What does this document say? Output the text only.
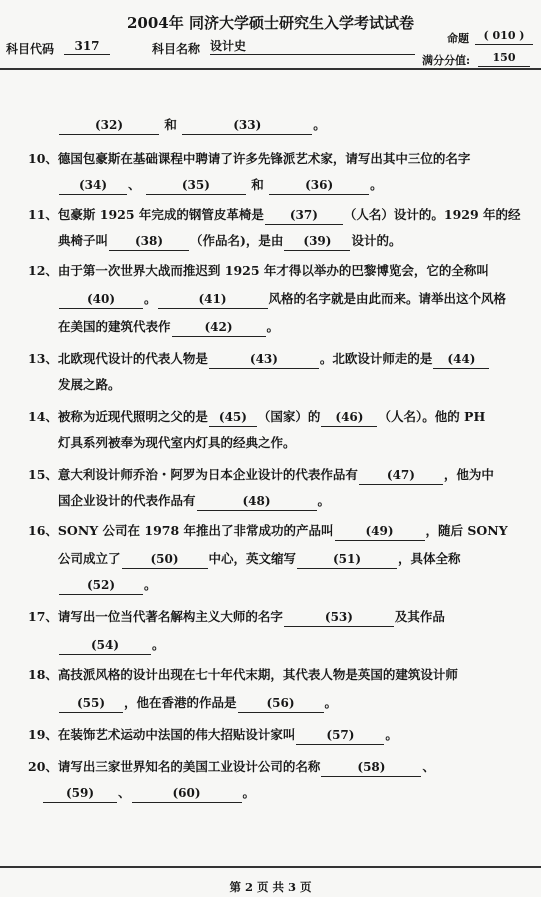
2004年 同济大学硕士研究生入学考试试卷
科目代码	317	科目名称 设计史
命题	( 010 )
满分分值:	150
(32)	和	(33)	。
10、德国包豪斯在基础课程中聘请了许多先锋派艺术家，请写出其中三位的名字
(34) 、	(35)	和	(36)	。
11、包豪斯 1925 年完成的钢管皮革椅是 (37) （人名）设计的。1929 年的经
典椅子叫 (38) （作品名)，是由 (39) 设计的。
12、由于第一次世界大战而推迟到 1925 年才得以举办的巴黎博览会，它的全称叫
(40) 。	(41)	风格的名字就是由此而来。请举出这个风格
在美国的建筑代表作	(42)	。
13、北欧现代设计的代表人物是	(43)	。北欧设计师走的是 (44)
发展之路。
14、被称为近现代照明之父的是 (45) （国家）的 (46) （人名）。他的 PH
灯具系列被奉为现代室内灯具的经典之作。
15、意大利设计师乔治・阿罗为日本企业设计的代表作品有 (47) ，他为中
国企业设计的代表作品有	(48)	。
16、SONY 公司在 1978 年推出了非常成功的产品叫	(49)	，随后 SONY
公司成立了 (50) 中心，英文缩写	(51)	，具体全称
(52) 。
17、请写出一位当代著名解构主义大师的名字	(53)	及其作品
(54)	。
18、高技派风格的设计出现在七十年代末期，其代表人物是英国的建筑设计师
(55) ，他在香港的作品是 (56) 。
19、在装饰艺术运动中法国的伟大招贴设计家叫	(57) 。
20、请写出三家世界知名的美国工业设计公司的名称	(58)	、
(59) 、	(60)	。
第 2 页 共 3 页
